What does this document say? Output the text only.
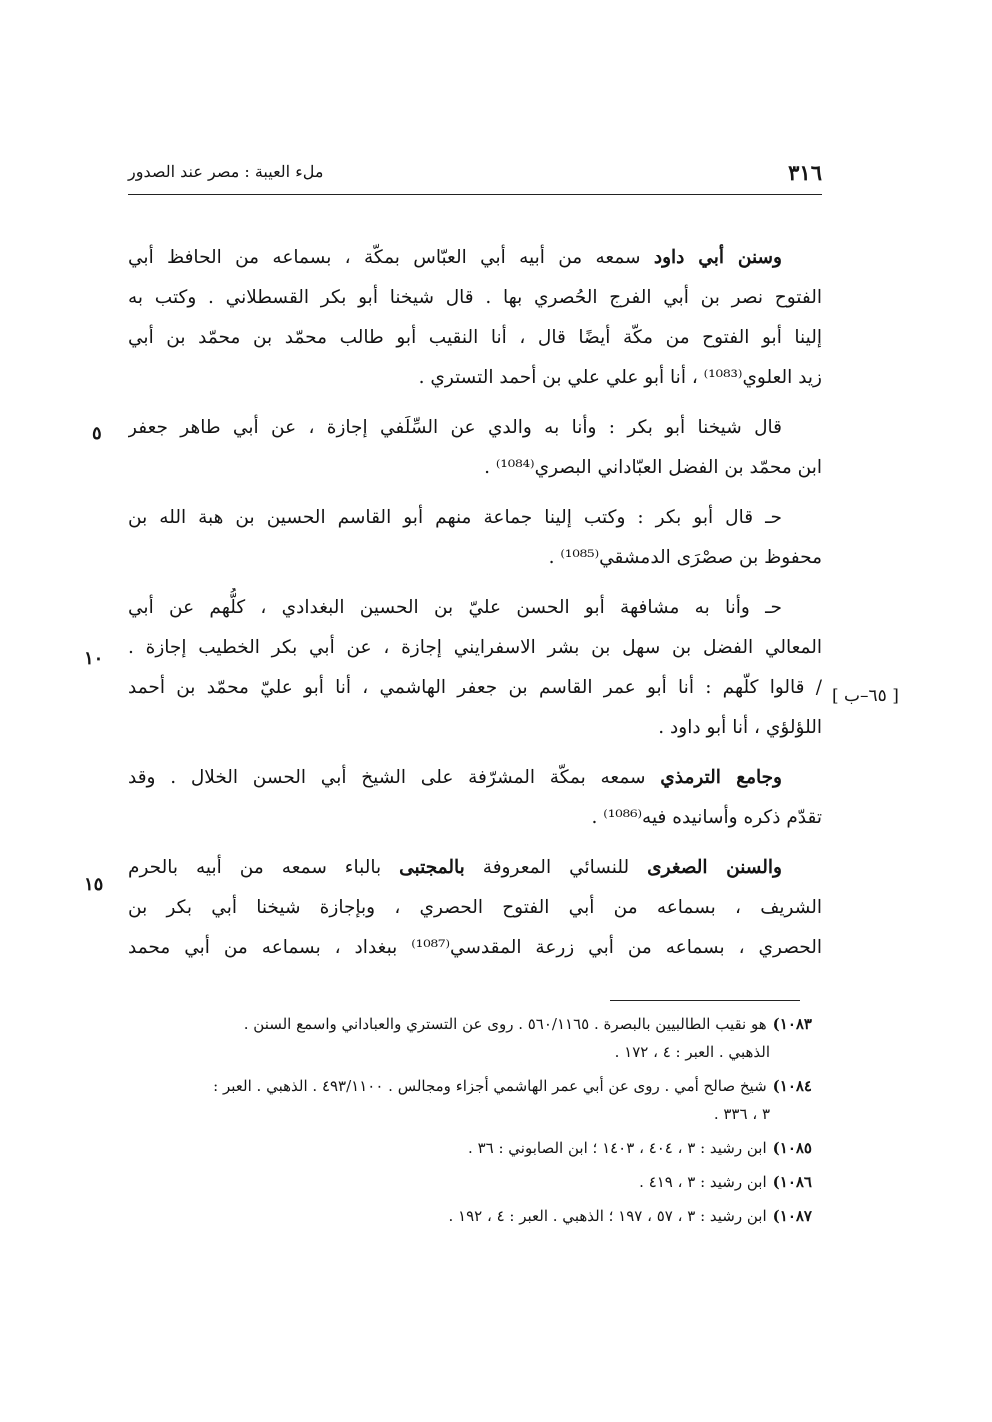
٣١٦
ملء العيبة : مصر عند الصدور
وسنن أبي داود سمعه من أبيه أبي العبّاس بمكّة ، بسماعه من الحافظ أبي
الفتوح نصر بن أبي الفرج الحُصري بها . قال شيخنا أبو بكر القسطلاني . وكتب به
إلينا أبو الفتوح من مكّة أيضًا قال ، أنا النقيب أبو طالب محمّد بن محمّد بن أبي
زيد العلوي⁽¹⁰⁸³⁾ ، أنا أبو علي علي بن أحمد التستري .
قال شيخنا أبو بكر : وأنا به والدي عن السِّلَفي إجازة ، عن أبي طاهر جعفر
ابن محمّد بن الفضل العبّاداني البصري⁽¹⁰⁸⁴⁾ .
حـ قال أبو بكر : وكتب إلينا جماعة منهم أبو القاسم الحسين بن هبة الله بن
محفوظ بن صصْرَى الدمشقي⁽¹⁰⁸⁵⁾ .
حـ وأنا به مشافهة أبو الحسن عليّ بن الحسين البغدادي ، كلُّهم عن أبي
المعالي الفضل بن سهل بن بشر الاسفرايني إجازة ، عن أبي بكر الخطيب إجازة .
/ قالوا كلّهم : أنا أبو عمر القاسم بن جعفر الهاشمي ، أنا أبو عليّ محمّد بن أحمد
اللؤلؤي ، أنا أبو داود .
وجامع الترمذي سمعه بمكّة المشرّفة على الشيخ أبي الحسن الخلال . وقد
تقدّم ذكره وأسانيده فيه⁽¹⁰⁸⁶⁾ .
والسنن الصغرى للنسائي المعروفة بالمجتبى بالباء سمعه من أبيه بالحرم
الشريف ، بسماعه من أبي الفتوح الحصري ، وبإجازة شيخنا أبي بكر بن
الحصري ، بسماعه من أبي زرعة المقدسي⁽¹⁰⁸⁷⁾ ببغداد ، بسماعه من أبي محمد
٥
١٠
١٥
[ ٦٥–ب ]
١٠٨٣)هو نقيب الطالبيين بالبصرة . ٥٦٠/١١٦٥ . روى عن التستري والعباداني واسمع السنن .
الذهبي . العبر : ٤ ، ١٧٢ .
١٠٨٤)شيخ صالح أمي . روى عن أبي عمر الهاشمي أجزاء ومجالس . ٤٩٣/١١٠٠ . الذهبي . العبر :
٣ ، ٣٣٦ .
١٠٨٥)ابن رشيد : ٣ ، ٤٠٤ ، ١٤٠٣ ؛ ابن الصابوني : ٣٦ .
١٠٨٦)ابن رشيد : ٣ ، ٤١٩ .
١٠٨٧)ابن رشيد : ٣ ، ٥٧ ، ١٩٧ ؛ الذهبي . العبر : ٤ ، ١٩٢ .
